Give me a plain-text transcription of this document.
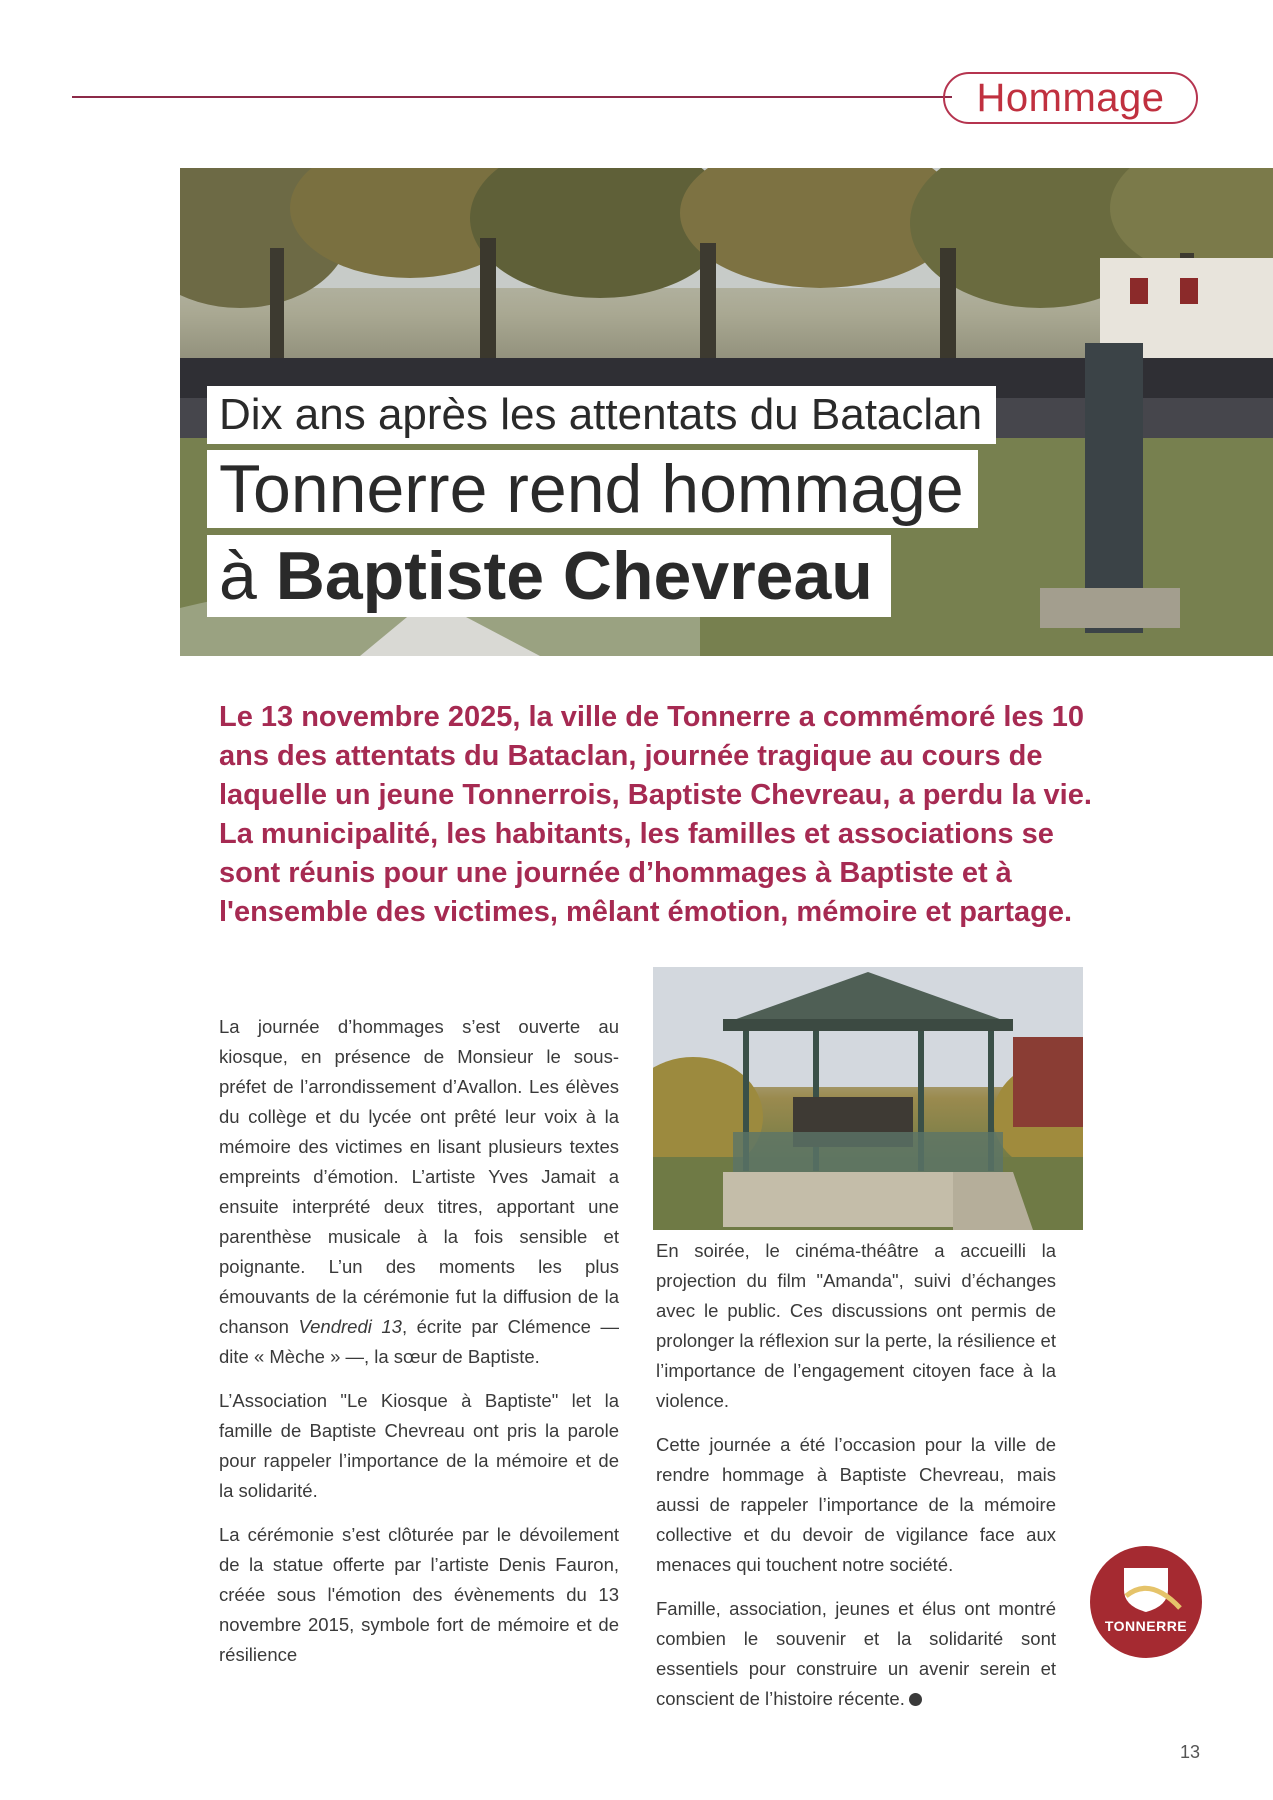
Hommage
Dix ans après les attentats du Bataclan
Tonnerre rend hommage
à Baptiste Chevreau

Le 13 novembre 2025, la ville de Tonnerre a commémoré les 10 ans des attentats du Bataclan, journée tragique au cours de laquelle un jeune Tonnerrois, Baptiste Chevreau, a perdu la vie. La municipalité, les habitants, les familles et associations se sont réunis pour une journée d’hommages à Baptiste et à l'ensemble des victimes, mêlant émotion, mémoire et partage.

La journée d’hommages s’est ouverte au kiosque, en présence de Monsieur le sous-préfet de l’arrondissement d’Avallon. Les élèves du collège et du lycée ont prêté leur voix à la mémoire des victimes en lisant plusieurs textes empreints d’émotion. L’artiste Yves Jamait a ensuite interprété deux titres, apportant une parenthèse musicale à la fois sensible et poignante. L’un des moments les plus émouvants de la cérémonie fut la diffusion de la chanson Vendredi 13, écrite par Clémence — dite « Mèche » —, la sœur de Baptiste.

L’Association "Le Kiosque à Baptiste" let la famille de Baptiste Chevreau ont pris la parole pour rappeler l’importance de la mémoire et de la solidarité.

La cérémonie s’est clôturée par le dévoilement de la statue offerte par l’artiste Denis Fauron, créée sous l'émotion des évènements du 13 novembre 2015, symbole fort de mémoire et de résilience

En soirée, le cinéma-théâtre a accueilli la projection du film "Amanda", suivi d’échanges avec le public. Ces discussions ont permis de prolonger la réflexion sur la perte, la résilience et l’importance de l’engagement citoyen face à la violence.

Cette journée a été l’occasion pour la ville de rendre hommage à Baptiste Chevreau, mais aussi de rappeler l’importance de la mémoire collective et du devoir de vigilance face aux menaces qui touchent notre société.

Famille, association, jeunes et élus ont montré combien le souvenir et la solidarité sont essentiels pour construire un avenir serein et conscient de l’histoire récente.

TONNERRE
13
